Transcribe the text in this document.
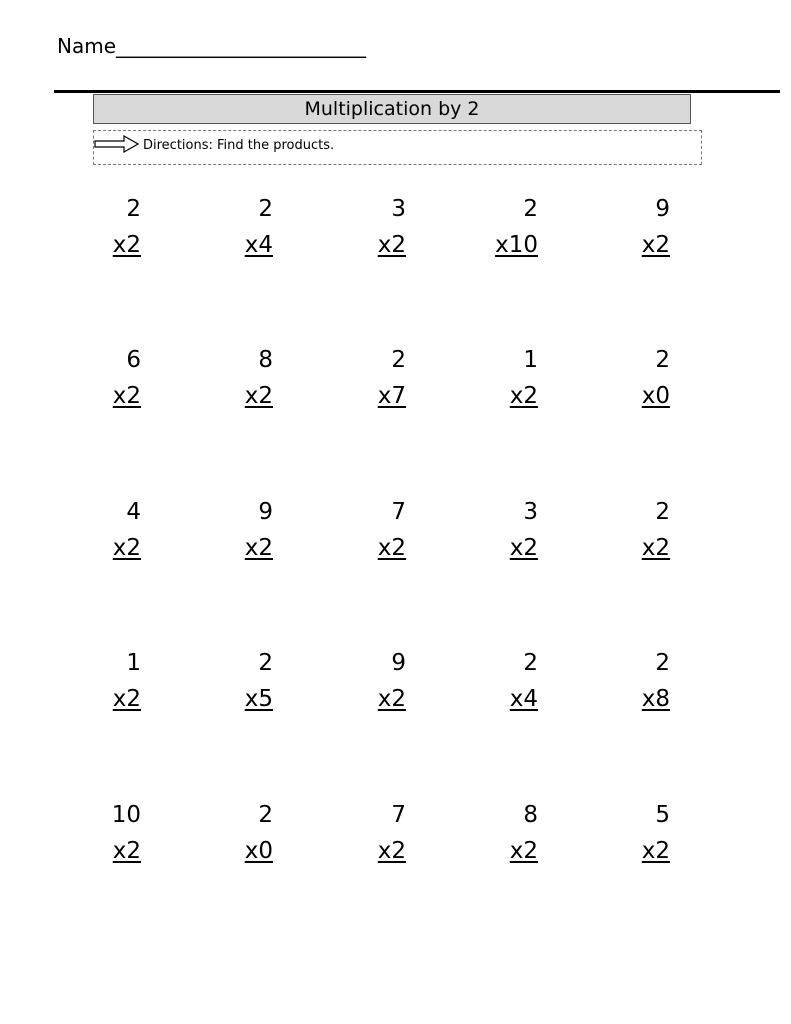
Name_________________________
Multiplication by 2
Directions: Find the products.
2
x2
2
x4
3
x2
2
x10
9
x2
6
x2
8
x2
2
x7
1
x2
2
x0
4
x2
9
x2
7
x2
3
x2
2
x2
1
x2
2
x5
9
x2
2
x4
2
x8
10
x2
2
x0
7
x2
8
x2
5
x2
